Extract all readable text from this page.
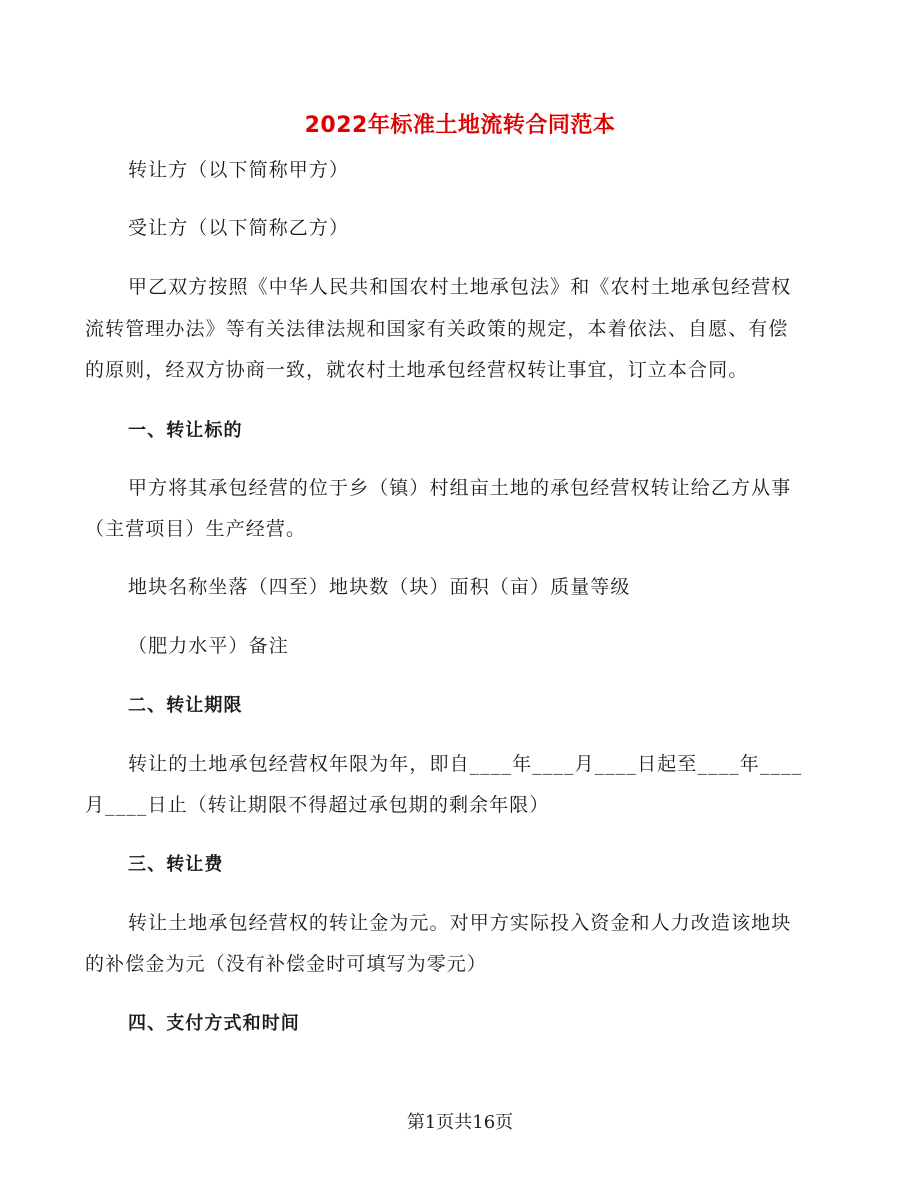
2022年标准土地流转合同范本
转让方（以下简称甲方）
受让方（以下简称乙方）
甲乙双方按照《中华人民共和国农村土地承包法》和《农村土地承包经营权
流转管理办法》等有关法律法规和国家有关政策的规定，本着依法、自愿、有偿
的原则，经双方协商一致，就农村土地承包经营权转让事宜，订立本合同。
一、转让标的
甲方将其承包经营的位于乡（镇）村组亩土地的承包经营权转让给乙方从事
（主营项目）生产经营。
地块名称坐落（四至）地块数（块）面积（亩）质量等级
（肥力水平）备注
二、转让期限
转让的土地承包经营权年限为年，即自____年____月____日起至____年____
月____日止（转让期限不得超过承包期的剩余年限）
三、转让费
转让土地承包经营权的转让金为元。对甲方实际投入资金和人力改造该地块
的补偿金为元（没有补偿金时可填写为零元）
四、支付方式和时间
第1页共16页
